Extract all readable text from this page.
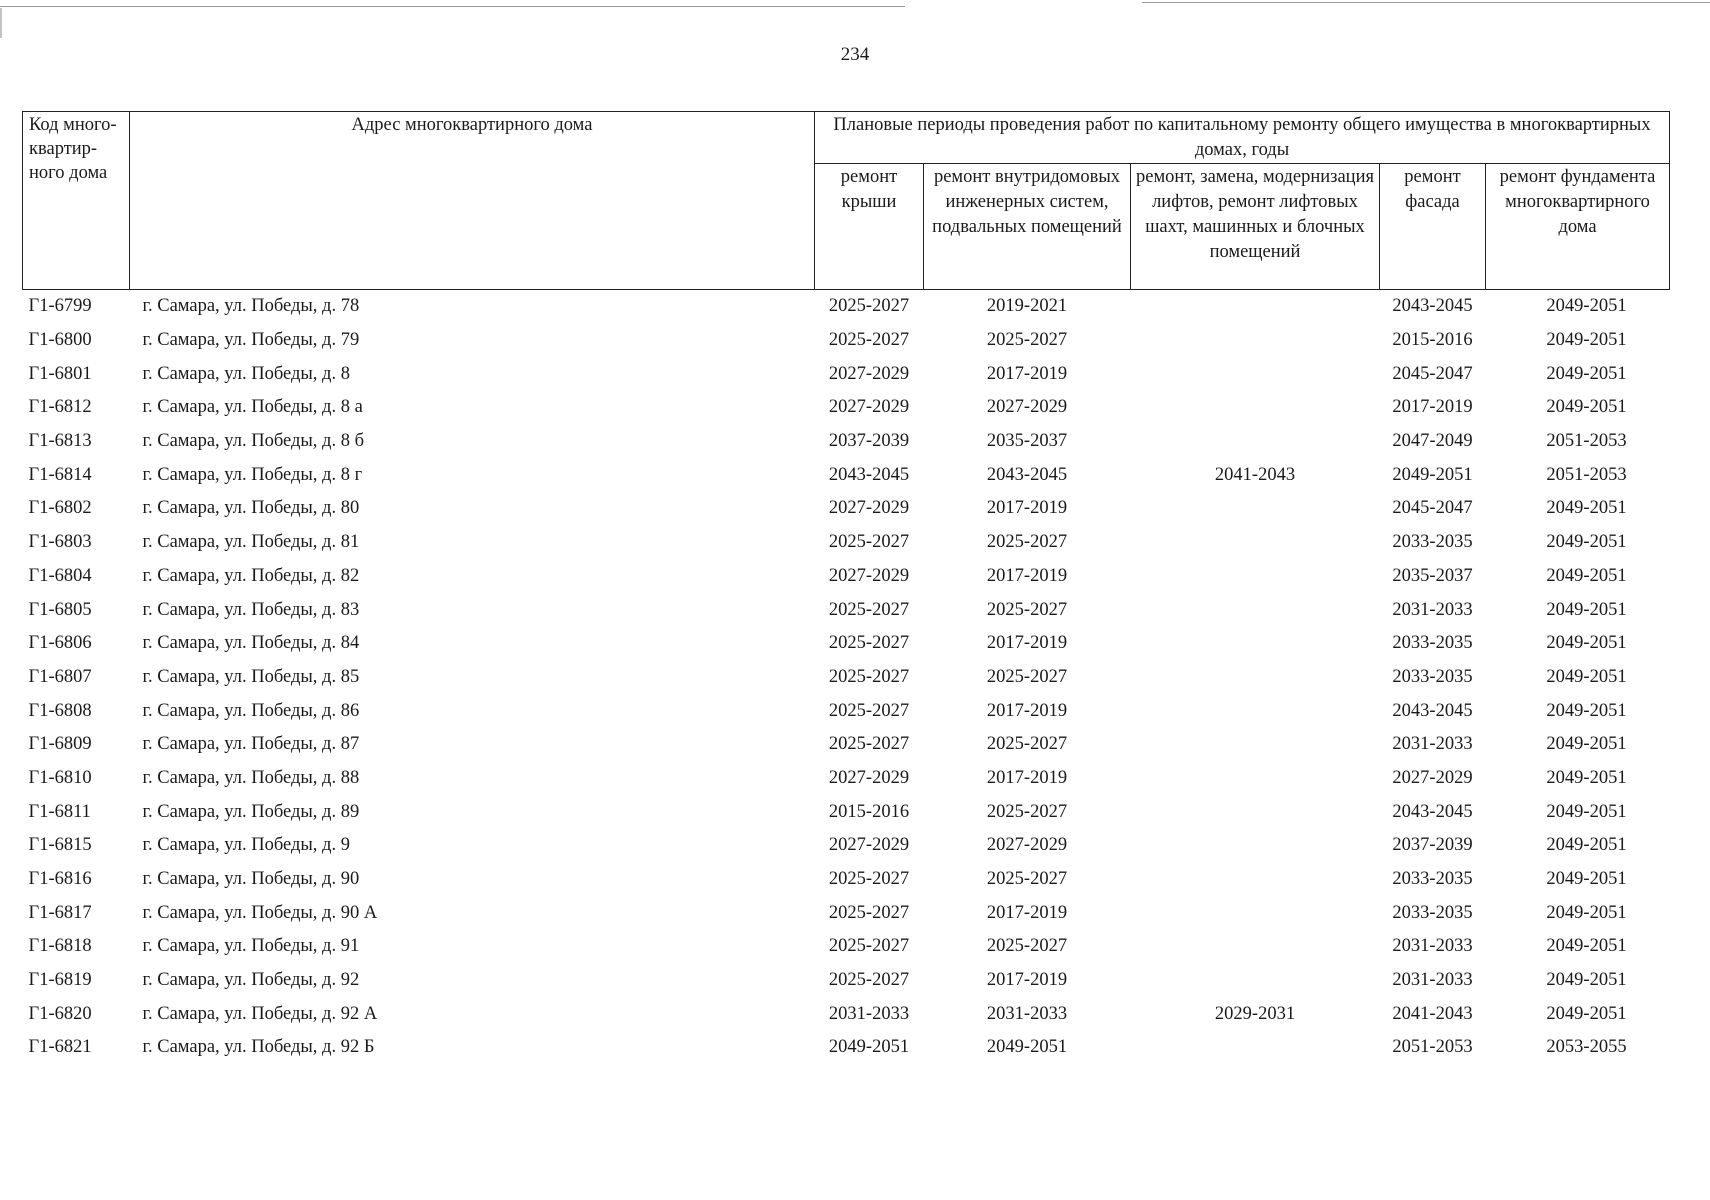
234
Код много-квартир-ного дома	Адрес многоквартирного дома	Плановые периоды проведения работ по капитальному ремонту общего имущества в многоквартирных домах, годы				
		ремонт крыши	ремонт внутридомовых инженерных систем, подвальных помещений	ремонт, замена, модернизация лифтов, ремонт лифтовых шахт, машинных и блочных помещений	ремонт фасада	ремонт фундамента многоквартирного дома
Г1-6799	г. Самара, ул. Победы, д. 78	2025-2027	2019-2021		2043-2045	2049-2051
Г1-6800	г. Самара, ул. Победы, д. 79	2025-2027	2025-2027		2015-2016	2049-2051
Г1-6801	г. Самара, ул. Победы, д. 8	2027-2029	2017-2019		2045-2047	2049-2051
Г1-6812	г. Самара, ул. Победы, д. 8 а	2027-2029	2027-2029		2017-2019	2049-2051
Г1-6813	г. Самара, ул. Победы, д. 8 б	2037-2039	2035-2037		2047-2049	2051-2053
Г1-6814	г. Самара, ул. Победы, д. 8 г	2043-2045	2043-2045	2041-2043	2049-2051	2051-2053
Г1-6802	г. Самара, ул. Победы, д. 80	2027-2029	2017-2019		2045-2047	2049-2051
Г1-6803	г. Самара, ул. Победы, д. 81	2025-2027	2025-2027		2033-2035	2049-2051
Г1-6804	г. Самара, ул. Победы, д. 82	2027-2029	2017-2019		2035-2037	2049-2051
Г1-6805	г. Самара, ул. Победы, д. 83	2025-2027	2025-2027		2031-2033	2049-2051
Г1-6806	г. Самара, ул. Победы, д. 84	2025-2027	2017-2019		2033-2035	2049-2051
Г1-6807	г. Самара, ул. Победы, д. 85	2025-2027	2025-2027		2033-2035	2049-2051
Г1-6808	г. Самара, ул. Победы, д. 86	2025-2027	2017-2019		2043-2045	2049-2051
Г1-6809	г. Самара, ул. Победы, д. 87	2025-2027	2025-2027		2031-2033	2049-2051
Г1-6810	г. Самара, ул. Победы, д. 88	2027-2029	2017-2019		2027-2029	2049-2051
Г1-6811	г. Самара, ул. Победы, д. 89	2015-2016	2025-2027		2043-2045	2049-2051
Г1-6815	г. Самара, ул. Победы, д. 9	2027-2029	2027-2029		2037-2039	2049-2051
Г1-6816	г. Самара, ул. Победы, д. 90	2025-2027	2025-2027		2033-2035	2049-2051
Г1-6817	г. Самара, ул. Победы, д. 90 А	2025-2027	2017-2019		2033-2035	2049-2051
Г1-6818	г. Самара, ул. Победы, д. 91	2025-2027	2025-2027		2031-2033	2049-2051
Г1-6819	г. Самара, ул. Победы, д. 92	2025-2027	2017-2019		2031-2033	2049-2051
Г1-6820	г. Самара, ул. Победы, д. 92 А	2031-2033	2031-2033	2029-2031	2041-2043	2049-2051
Г1-6821	г. Самара, ул. Победы, д. 92 Б	2049-2051	2049-2051		2051-2053	2053-2055
